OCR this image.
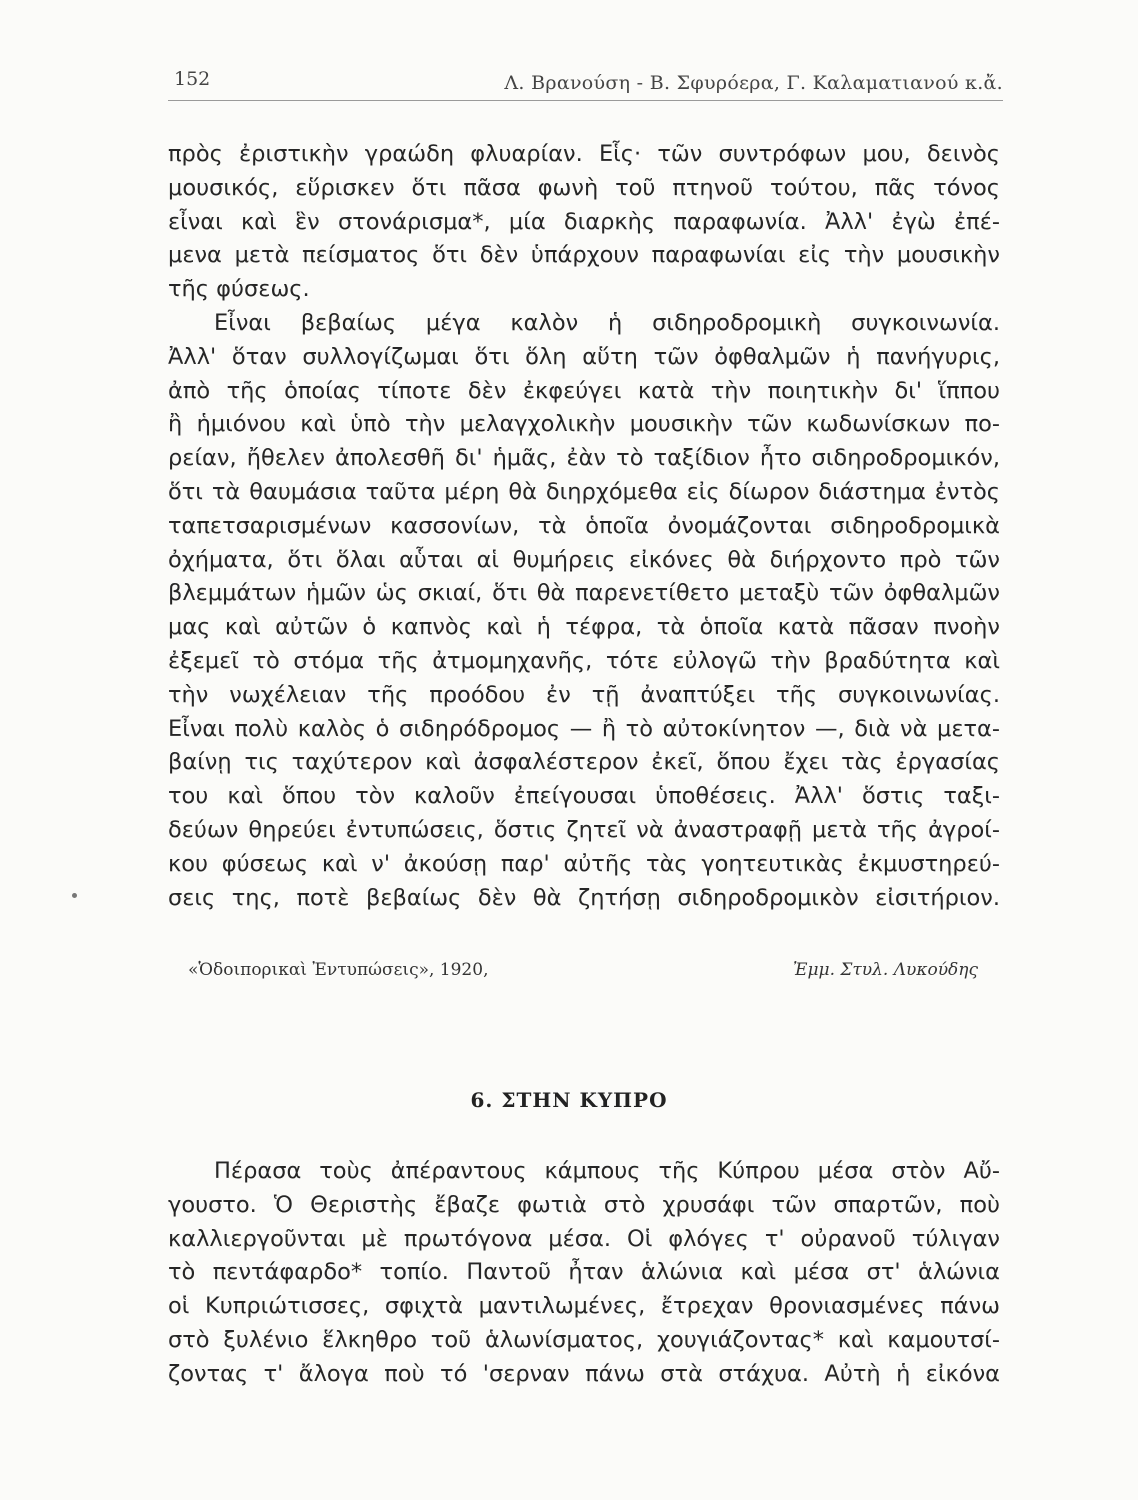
152	Λ. Βρανούση - Β. Σφυρόερα, Γ. Καλαματιανού κ.ἄ.
πρὸς ἐριστικὴν γραώδη φλυαρίαν. Εἷς· τῶν συντρόφων μου, δεινὸς
μουσικός, εὕρισκεν ὅτι πᾶσα φωνὴ τοῦ πτηνοῦ τούτου, πᾶς τόνος
εἶναι καὶ ἓν στονάρισμα*, μία διαρκὴς παραφωνία. Ἀλλ' ἐγὼ ἐπέ-
μενα μετὰ πείσματος ὅτι δὲν ὑπάρχουν παραφωνίαι εἰς τὴν μουσικὴν
τῆς φύσεως.
Εἶναι βεβαίως μέγα καλὸν ἡ σιδηροδρομικὴ συγκοινωνία.
Ἀλλ' ὅταν συλλογίζωμαι ὅτι ὅλη αὕτη τῶν ὀφθαλμῶν ἡ πανήγυρις,
ἀπὸ τῆς ὁποίας τίποτε δὲν ἐκφεύγει κατὰ τὴν ποιητικὴν δι' ἵππου
ἢ ἡμιόνου καὶ ὑπὸ τὴν μελαγχολικὴν μουσικὴν τῶν κωδωνίσκων πο-
ρείαν, ἤθελεν ἀπολεσθῆ δι' ἡμᾶς, ἐὰν τὸ ταξίδιον ἦτο σιδηροδρομικόν,
ὅτι τὰ θαυμάσια ταῦτα μέρη θὰ διηρχόμεθα εἰς δίωρον διάστημα ἐντὸς
ταπετσαρισμένων κασσονίων, τὰ ὁποῖα ὀνομάζονται σιδηροδρομικὰ
ὀχήματα, ὅτι ὅλαι αὗται αἱ θυμήρεις εἰκόνες θὰ διήρχοντο πρὸ τῶν
βλεμμάτων ἡμῶν ὡς σκιαί, ὅτι θὰ παρενετίθετο μεταξὺ τῶν ὀφθαλμῶν
μας καὶ αὐτῶν ὁ καπνὸς καὶ ἡ τέφρα, τὰ ὁποῖα κατὰ πᾶσαν πνοὴν
ἐξεμεῖ τὸ στόμα τῆς ἀτμομηχανῆς, τότε εὐλογῶ τὴν βραδύτητα καὶ
τὴν νωχέλειαν τῆς προόδου ἐν τῇ ἀναπτύξει τῆς συγκοινωνίας.
Εἶναι πολὺ καλὸς ὁ σιδηρόδρομος — ἢ τὸ αὐτοκίνητον —, διὰ νὰ μετα-
βαίνῃ τις ταχύτερον καὶ ἀσφαλέστερον ἐκεῖ, ὅπου ἔχει τὰς ἐργασίας
του καὶ ὅπου τὸν καλοῦν ἐπείγουσαι ὑποθέσεις. Ἀλλ' ὅστις ταξι-
δεύων θηρεύει ἐντυπώσεις, ὅστις ζητεῖ νὰ ἀναστραφῇ μετὰ τῆς ἀγροί-
κου φύσεως καὶ ν' ἀκούσῃ παρ' αὐτῆς τὰς γοητευτικὰς ἐκμυστηρεύ-
σεις της, ποτὲ βεβαίως δὲν θὰ ζητήσῃ σιδηροδρομικὸν εἰσιτήριον.
«Ὁδοιπορικαὶ Ἐντυπώσεις», 1920,	Ἐμμ. Στυλ. Λυκούδης
6. ΣΤΗΝ ΚΥΠΡΟ
Πέρασα τοὺς ἀπέραντους κάμπους τῆς Κύπρου μέσα στὸν Αὔ-
γουστο. Ὁ Θεριστὴς ἔβαζε φωτιὰ στὸ χρυσάφι τῶν σπαρτῶν, ποὺ
καλλιεργοῦνται μὲ πρωτόγονα μέσα. Οἱ φλόγες τ' οὐρανοῦ τύλιγαν
τὸ πεντάφαρδο* τοπίο. Παντοῦ ἦταν ἁλώνια καὶ μέσα στ' ἁλώνια
οἱ Κυπριώτισσες, σφιχτὰ μαντιλωμένες, ἔτρεχαν θρονιασμένες πάνω
στὸ ξυλένιο ἕλκηθρο τοῦ ἁλωνίσματος, χουγιάζοντας* καὶ καμουτσί-
ζοντας τ' ἄλογα ποὺ τό 'σερναν πάνω στὰ στάχυα. Αὐτὴ ἡ εἰκόνα
